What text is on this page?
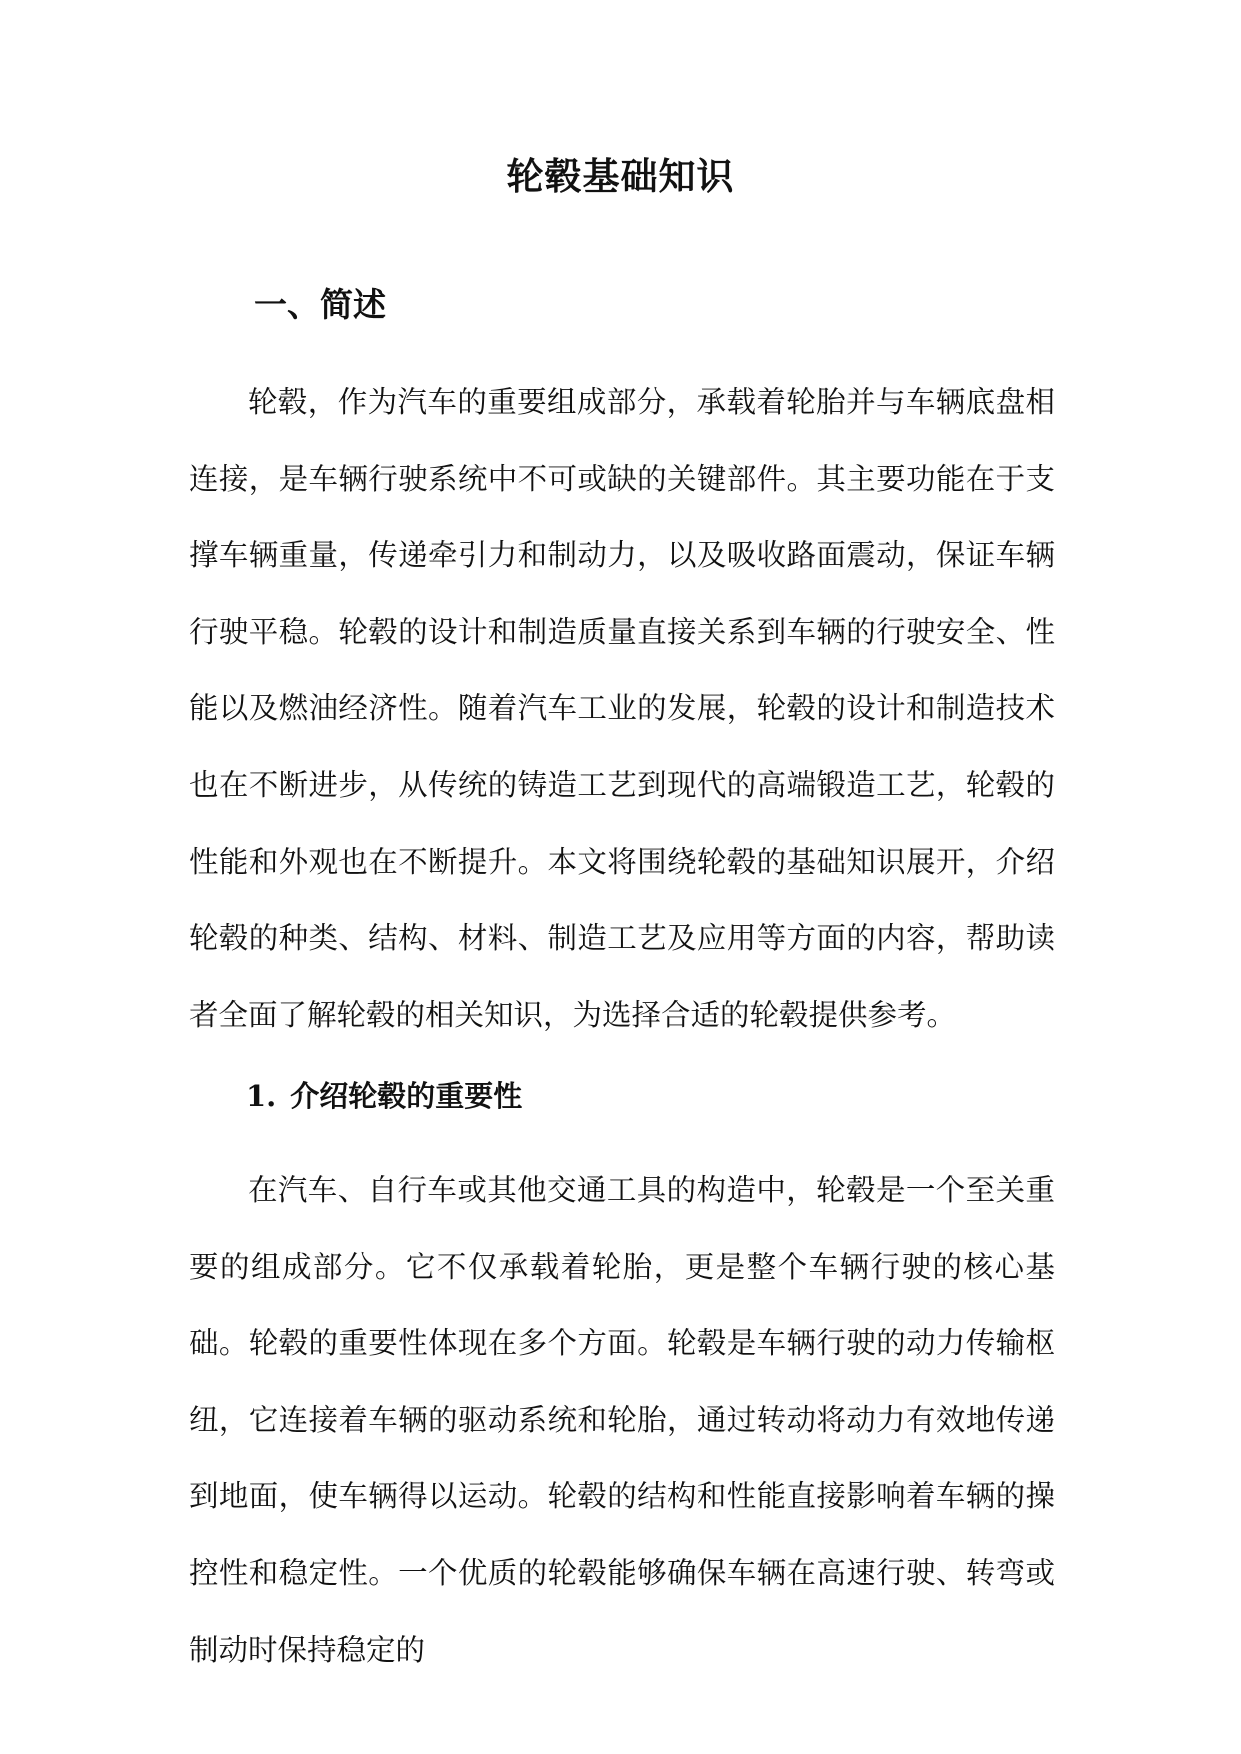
轮毂基础知识
一、简述

轮毂，作为汽车的重要组成部分，承载着轮胎并与车辆底盘相连接，是车辆行驶系统中不可或缺的关键部件。其主要功能在于支撑车辆重量，传递牵引力和制动力，以及吸收路面震动，保证车辆行驶平稳。轮毂的设计和制造质量直接关系到车辆的行驶安全、性能以及燃油经济性。随着汽车工业的发展，轮毂的设计和制造技术也在不断进步，从传统的铸造工艺到现代的高端锻造工艺，轮毂的性能和外观也在不断提升。本文将围绕轮毂的基础知识展开，介绍轮毂的种类、结构、材料、制造工艺及应用等方面的内容，帮助读者全面了解轮毂的相关知识，为选择合适的轮毂提供参考。

1. 介绍轮毂的重要性

在汽车、自行车或其他交通工具的构造中，轮毂是一个至关重要的组成部分。它不仅承载着轮胎，更是整个车辆行驶的核心基础。轮毂的重要性体现在多个方面。轮毂是车辆行驶的动力传输枢纽，它连接着车辆的驱动系统和轮胎，通过转动将动力有效地传递到地面，使车辆得以运动。轮毂的结构和性能直接影响着车辆的操控性和稳定性。一个优质的轮毂能够确保车辆在高速行驶、转弯或制动时保持稳定的
